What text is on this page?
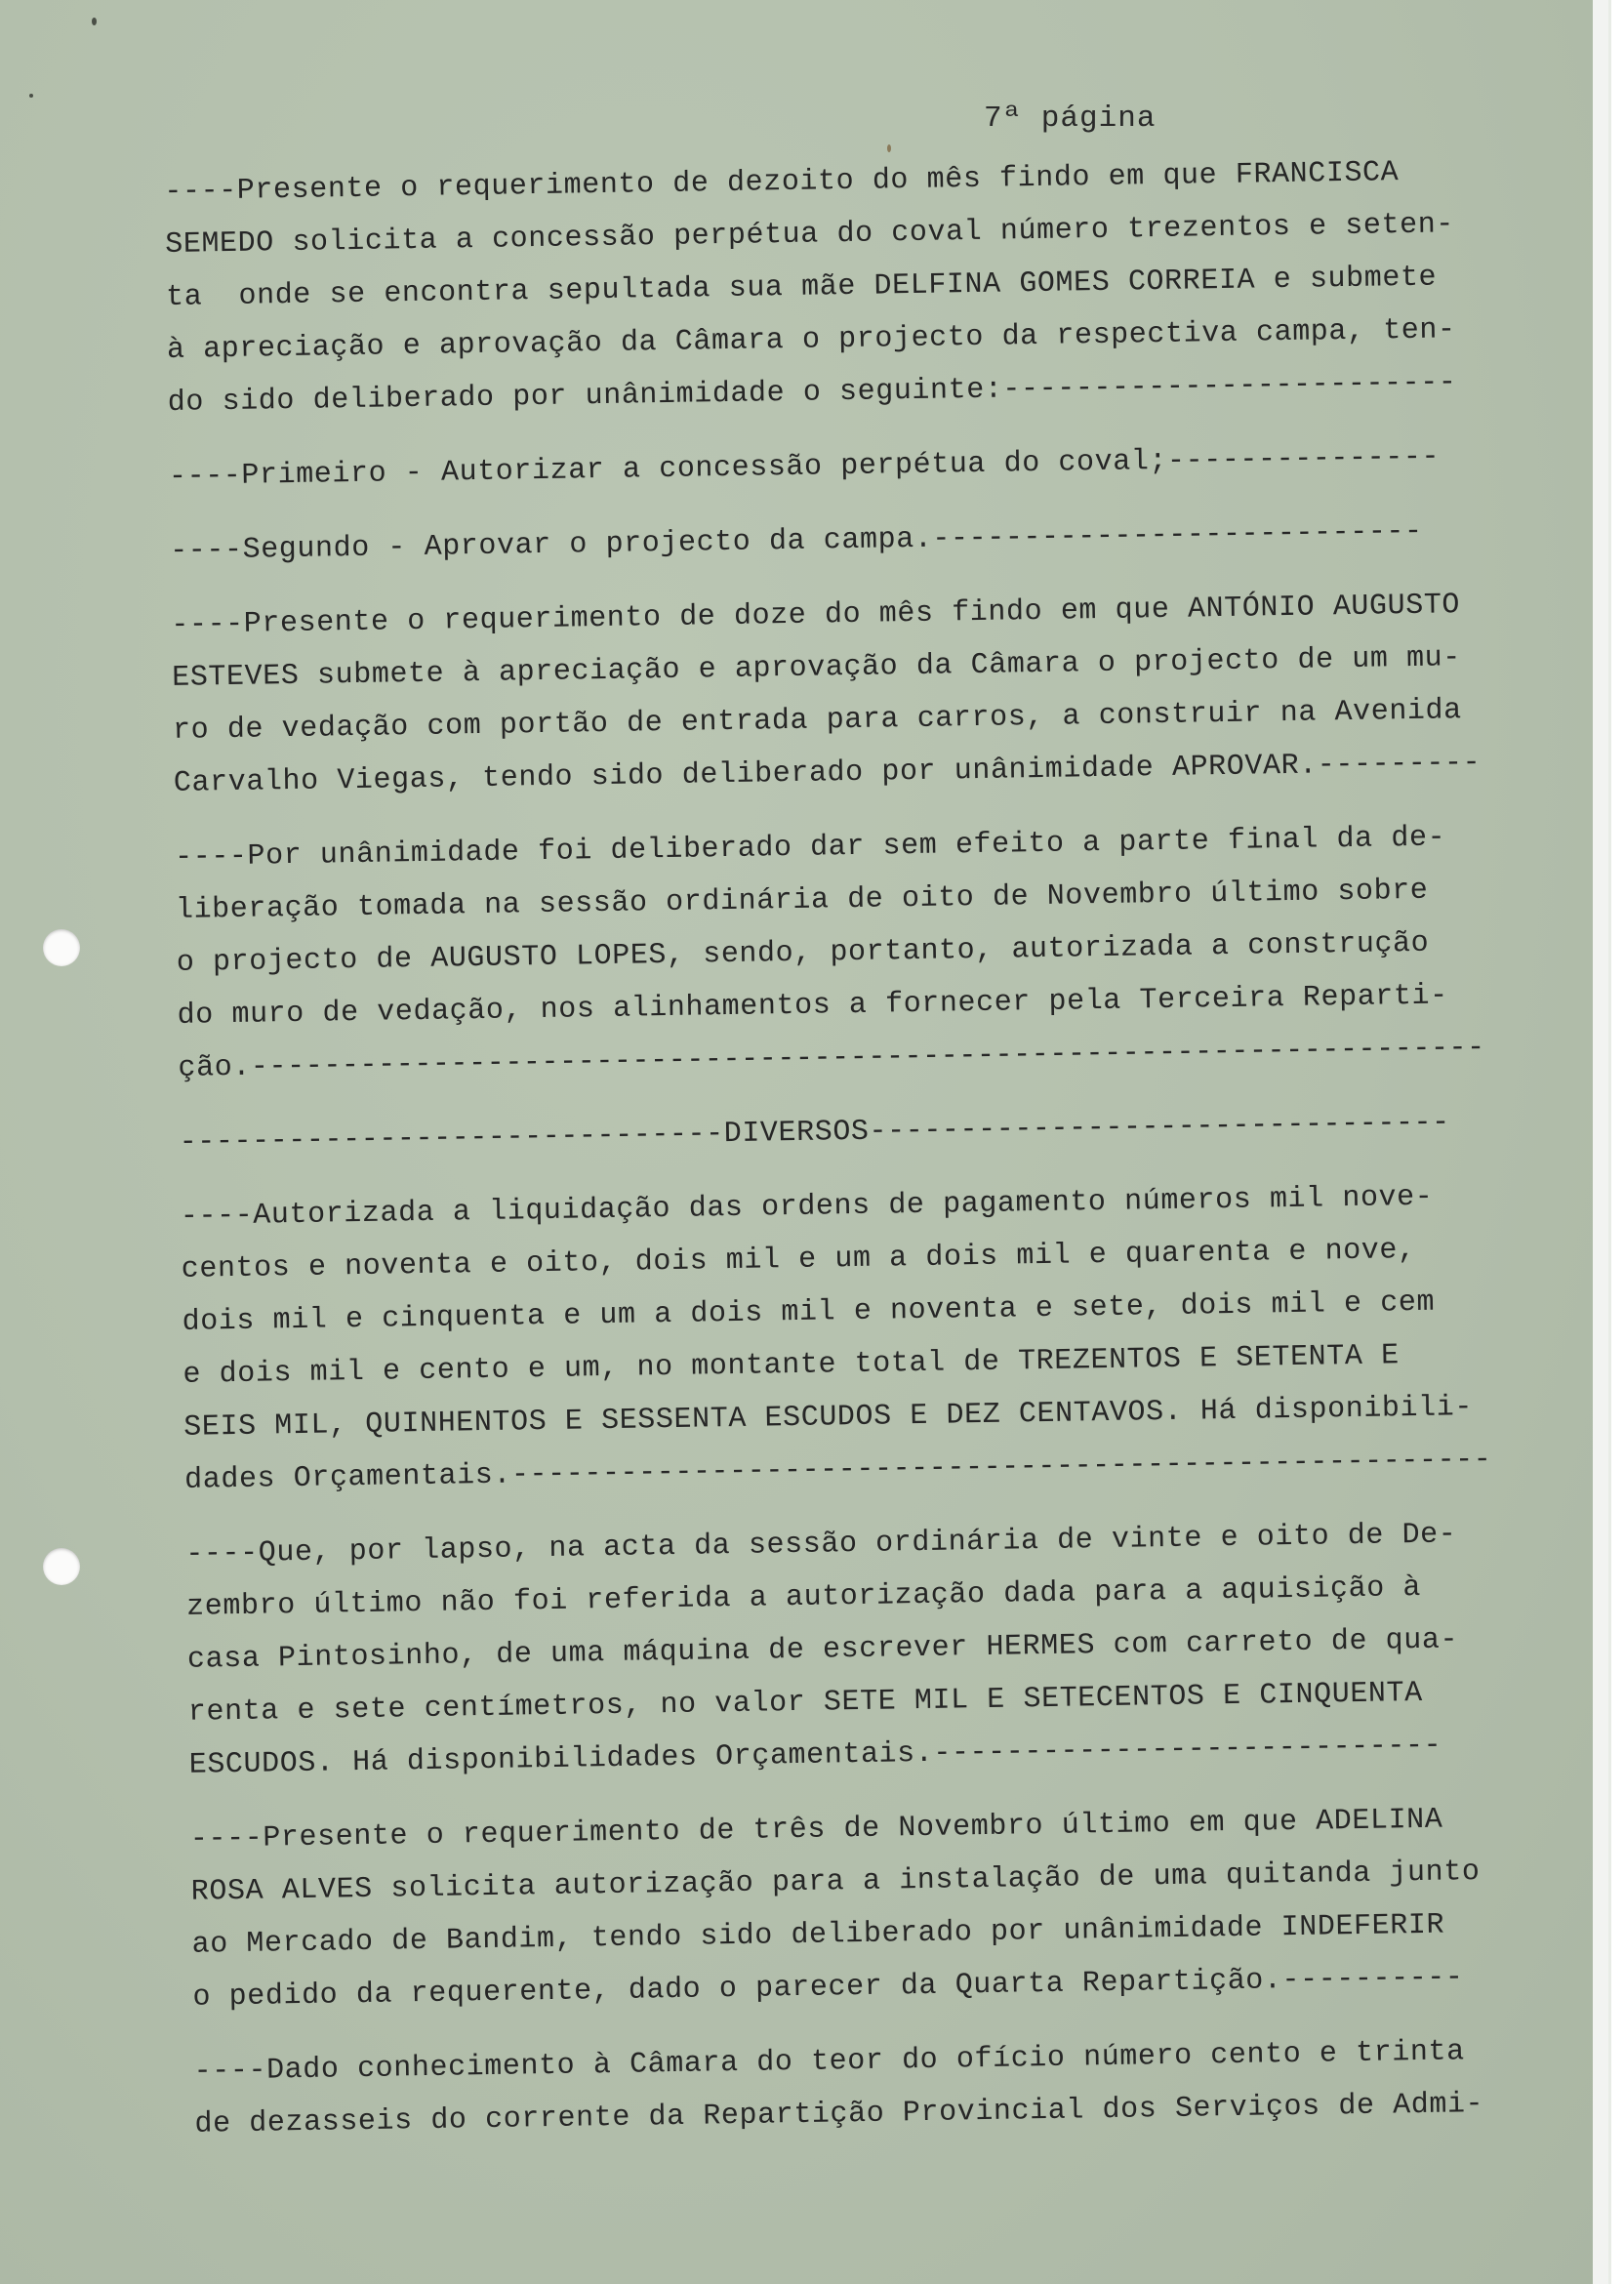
7ª página
----Presente o requerimento de dezoito do mês findo em que FRANCISCA
SEMEDO solicita a concessão perpétua do coval número trezentos e seten-
ta  onde se encontra sepultada sua mãe DELFINA GOMES CORREIA e submete
à apreciação e aprovação da Câmara o projecto da respectiva campa, ten-
do sido deliberado por unânimidade o seguinte:-------------------------
----Primeiro - Autorizar a concessão perpétua do coval;---------------
----Segundo - Aprovar o projecto da campa.---------------------------
----Presente o requerimento de doze do mês findo em que ANTÓNIO AUGUSTO
ESTEVES submete à apreciação e aprovação da Câmara o projecto de um mu-
ro de vedação com portão de entrada para carros, a construir na Avenida
Carvalho Viegas, tendo sido deliberado por unânimidade APROVAR.---------
----Por unânimidade foi deliberado dar sem efeito a parte final da de-
liberação tomada na sessão ordinária de oito de Novembro último sobre
o projecto de AUGUSTO LOPES, sendo, portanto, autorizada a construção
do muro de vedação, nos alinhamentos a fornecer pela Terceira Reparti-
ção.--------------------------------------------------------------------
------------------------------DIVERSOS--------------------------------
----Autorizada a liquidação das ordens de pagamento números mil nove-
centos e noventa e oito, dois mil e um a dois mil e quarenta e nove,
dois mil e cinquenta e um a dois mil e noventa e sete, dois mil e cem
e dois mil e cento e um, no montante total de TREZENTOS E SETENTA E
SEIS MIL, QUINHENTOS E SESSENTA ESCUDOS E DEZ CENTAVOS. Há disponibili-
dades Orçamentais.------------------------------------------------------
----Que, por lapso, na acta da sessão ordinária de vinte e oito de De-
zembro último não foi referida a autorização dada para a aquisição à
casa Pintosinho, de uma máquina de escrever HERMES com carreto de qua-
renta e sete centímetros, no valor SETE MIL E SETECENTOS E CINQUENTA
ESCUDOS. Há disponibilidades Orçamentais.----------------------------
----Presente o requerimento de três de Novembro último em que ADELINA
ROSA ALVES solicita autorização para a instalação de uma quitanda junto
ao Mercado de Bandim, tendo sido deliberado por unânimidade INDEFERIR
o pedido da requerente, dado o parecer da Quarta Repartição.----------
----Dado conhecimento à Câmara do teor do ofício número cento e trinta
de dezasseis do corrente da Repartição Provincial dos Serviços de Admi-
